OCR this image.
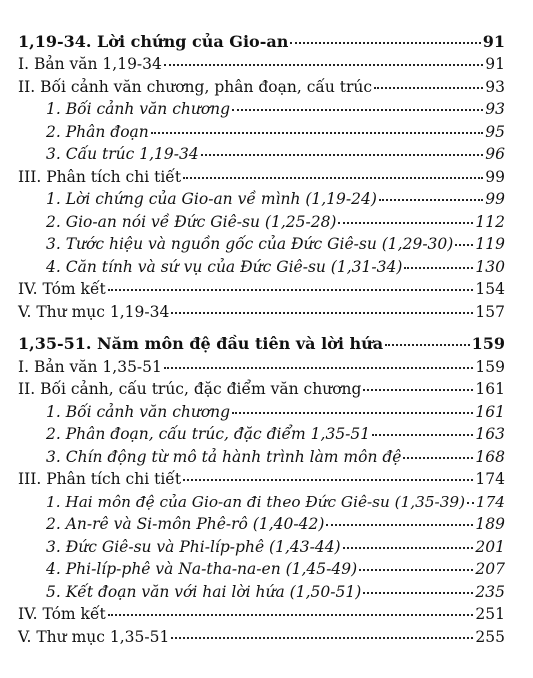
1,19-34. Lời chứng của Gio-an	91
I. Bản văn 1,19-34	91
II. Bối cảnh văn chương, phân đoạn, cấu trúc	93
1. Bối cảnh văn chương	93
2. Phân đoạn	95
3. Cấu trúc 1,19-34	96
III. Phân tích chi tiết	99
1. Lời chứng của Gio-an về mình (1,19-24)	99
2. Gio-an nói về Đức Giê-su (1,25-28)	112
3. Tước hiệu và nguồn gốc của Đức Giê-su (1,29-30) 119
4. Căn tính và sứ vụ của Đức Giê-su (1,31-34)	130
IV. Tóm kết	154
V. Thư mục 1,19-34	157
1,35-51. Năm môn đệ đầu tiên và lời hứa	159
I. Bản văn 1,35-51	159
II. Bối cảnh, cấu trúc, đặc điểm văn chương	161
1. Bối cảnh văn chương	161
2. Phân đoạn, cấu trúc, đặc điểm 1,35-51	163
3. Chín động từ mô tả hành trình làm môn đệ	168
III. Phân tích chi tiết	174
1. Hai môn đệ của Gio-an đi theo Đức Giê-su (1,35-39) 174
2. An-rê và Si-môn Phê-rô (1,40-42)	189
3. Đức Giê-su và Phi-líp-phê (1,43-44)	201
4. Phi-líp-phê và Na-tha-na-en (1,45-49)	207
5. Kết đoạn văn với hai lời hứa (1,50-51)	235
IV. Tóm kết	251
V. Thư mục 1,35-51	255
